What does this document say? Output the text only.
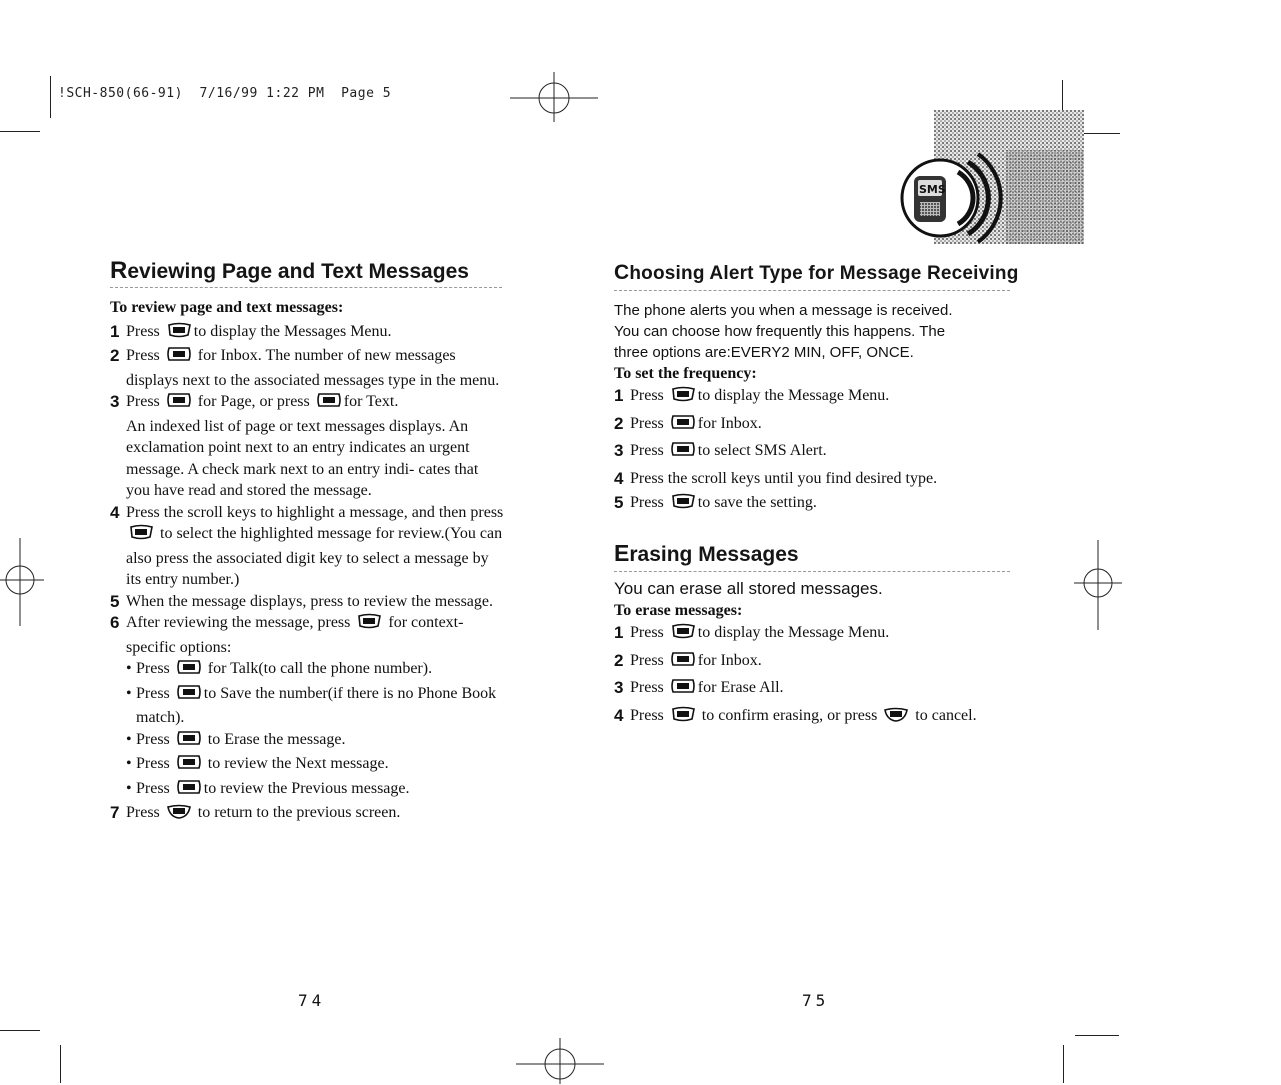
!SCH-850(66-91)  7/16/99 1:22 PM  Page 5
SMS
Reviewing Page and Text Messages
To review page and text messages:
1 Press to display the Messages Menu.
2 Press  for Inbox. The number of new messages displays next to the associated messages type in the menu.
3 Press  for Page, or press for Text.
An indexed list of page or text messages displays. An exclamation point next to an entry indicates an urgent message. A check mark next to an entry indi- cates that you have read and stored the message.
4 Press the scroll keys to highlight a message, and then press  to select the highlighted message for review.(You can also press the associated digit key to select a message by its entry number.)
5 When the message displays, press to review the message.
6 After reviewing the message, press  for context- specific options:
• Press  for Talk(to call the phone number).
• Press to Save the number(if there is no Phone Book match).
• Press  to Erase the message.
• Press  to review the Next message.
• Press to review the Previous message.
7 Press  to return to the previous screen.
74
Choosing Alert Type for Message Receiving
The phone alerts you when a message is received.
You can choose how frequently this happens. The
three options are:EVERY2 MIN, OFF, ONCE.
To set the frequency:
1 Press to display the Message Menu.
2 Press for Inbox.
3 Press to select SMS Alert.
4 Press the scroll keys until you find desired type.
5 Press to save the setting.
Erasing Messages
You can erase all stored messages.
To erase messages:
1 Press to display the Message Menu.
2 Press for Inbox.
3 Press for Erase All.
4 Press  to confirm erasing, or press  to cancel.
75
